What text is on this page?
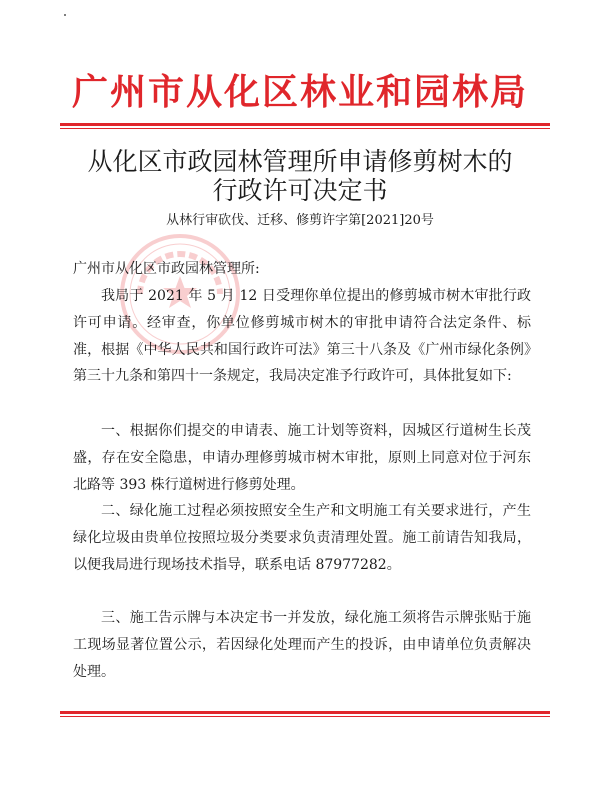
广州市从化区林业和园林局
从化区市政园林管理所申请修剪树木的
行政许可决定书
从林行审砍伐、迁移、修剪许字第[2021]20号
广州市从化区市政园林管理所:

我局于 2021 年 5 月 12 日受理你单位提出的修剪城市树木审批行政许可申请。经审查，你单位修剪城市树木的审批申请符合法定条件、标准，根据《中华人民共和国行政许可法》第三十八条及《广州市绿化条例》第三十九条和第四十一条规定，我局决定准予行政许可，具体批复如下:

一、根据你们提交的申请表、施工计划等资料，因城区行道树生长茂盛，存在安全隐患，申请办理修剪城市树木审批，原则上同意对位于河东北路等 393 株行道树进行修剪处理。

二、绿化施工过程必须按照安全生产和文明施工有关要求进行，产生绿化垃圾由贵单位按照垃圾分类要求负责清理处置。施工前请告知我局，以便我局进行现场技术指导，联系电话 87977282。

三、施工告示牌与本决定书一并发放，绿化施工须将告示牌张贴于施工现场显著位置公示，若因绿化处理而产生的投诉，由申请单位负责解决处理。
